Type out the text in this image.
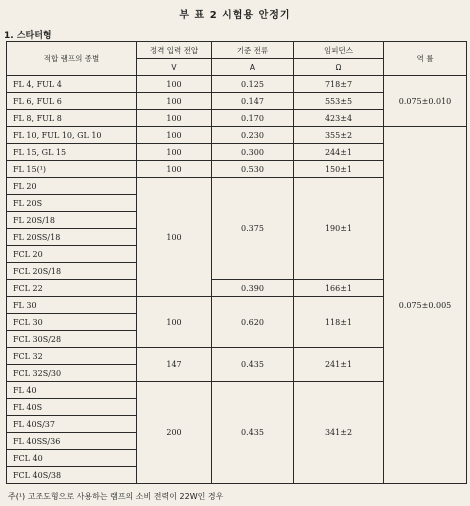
부 표 2 시험용 안정기
1. 스타터형
적합 램프의 종별	정격 입력 전압	기준 전류	임피던스	역 률
	V	A	Ω	
FL 4, FUL 4	100	0.125	718±7	0.075±0.010
FL 6, FUL 6	100	0.147	553±5	
FL 8, FUL 8	100	0.170	423±4	
FL 10, FUL 10, GL 10	100	0.230	355±2	0.075±0.005
FL 15, GL 15	100	0.300	244±1	
FL 15(¹)	100	0.530	150±1	
FL 20	100	0.375	190±1	
FL 20S				
FL 20S/18				
FL 20SS/18				
FCL 20				
FCL 20S/18				
FCL 22		0.390	166±1	
FL 30	100	0.620	118±1	
FCL 30				
FCL 30S/28				
FCL 32	147	0.435	241±1	
FCL 32S/30				
FL 40	200	0.435	341±2	
FL 40S				
FL 40S/37				
FL 40SS/36				
FCL 40				
FCL 40S/38				
주(¹) 고조도형으로 사용하는 램프의 소비 전력이 22W인 경우
